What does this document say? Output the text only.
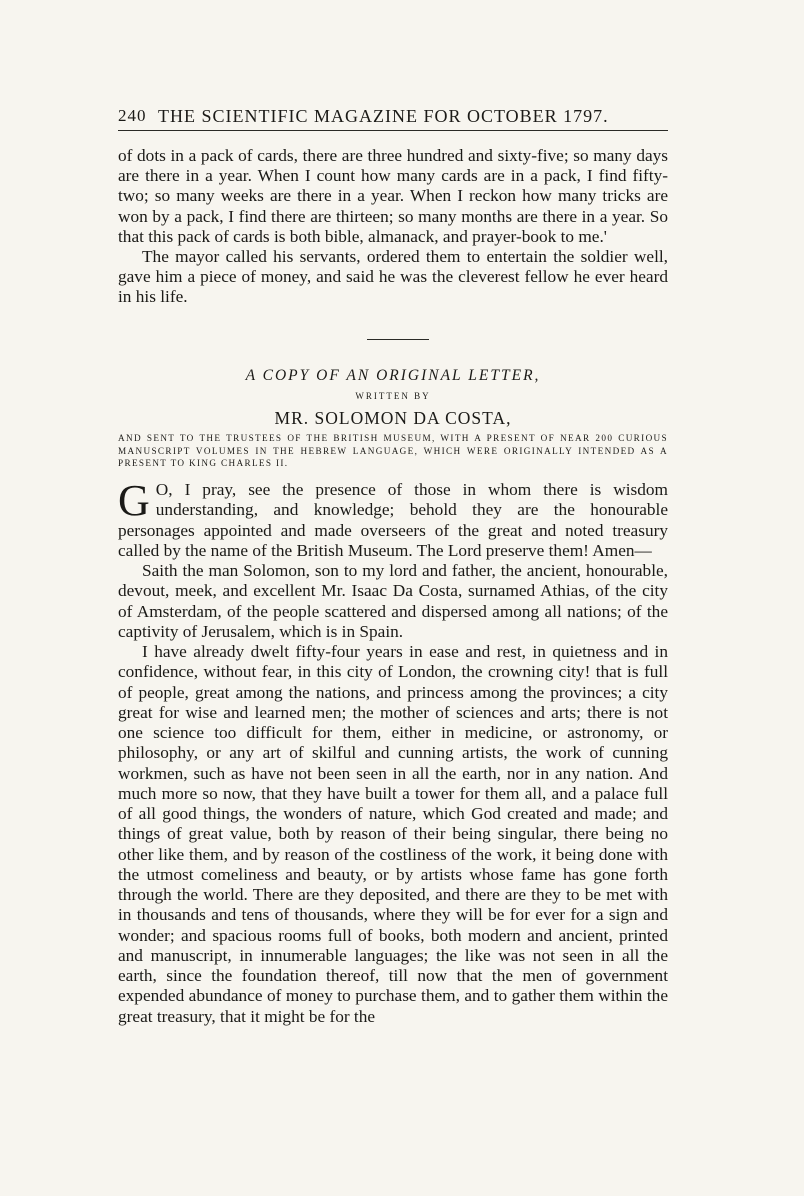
240 THE SCIENTIFIC MAGAZINE FOR OCTOBER 1797.

of dots in a pack of cards, there are three hundred and sixty-five; so many days are there in a year. When I count how many cards are in a pack, I find fifty-two; so many weeks are there in a year. When I reckon how many tricks are won by a pack, I find there are thirteen; so many months are there in a year. So that this pack of cards is both bible, almanack, and prayer-book to me.'

The mayor called his servants, ordered them to entertain the soldier well, gave him a piece of money, and said he was the cleverest fellow he ever heard in his life.

A COPY OF AN ORIGINAL LETTER,
WRITTEN BY
MR. SOLOMON DA COSTA,
AND SENT TO THE TRUSTEES OF THE BRITISH MUSEUM, WITH A PRESENT OF NEAR 200 CURIOUS MANUSCRIPT VOLUMES IN THE HEBREW LANGUAGE, WHICH WERE ORIGINALLY INTENDED AS A PRESENT TO KING CHARLES II.

G O, I pray, see the presence of those in whom there is wisdom understanding, and knowledge; behold they are the honourable personages appointed and made overseers of the great and noted treasury called by the name of the British Museum. The Lord preserve them! Amen—

Saith the man Solomon, son to my lord and father, the ancient, honourable, devout, meek, and excellent Mr. Isaac Da Costa, surnamed Athias, of the city of Amsterdam, of the people scattered and dispersed among all nations; of the captivity of Jerusalem, which is in Spain.

I have already dwelt fifty-four years in ease and rest, in quietness and in confidence, without fear, in this city of London, the crowning city! that is full of people, great among the nations, and princess among the provinces; a city great for wise and learned men; the mother of sciences and arts; there is not one science too difficult for them, either in medicine, or astronomy, or philosophy, or any art of skilful and cunning artists, the work of cunning workmen, such as have not been seen in all the earth, nor in any nation. And much more so now, that they have built a tower for them all, and a palace full of all good things, the wonders of nature, which God created and made; and things of great value, both by reason of their being singular, there being no other like them, and by reason of the costliness of the work, it being done with the utmost comeliness and beauty, or by artists whose fame has gone forth through the world. There are they deposited, and there are they to be met with in thousands and tens of thousands, where they will be for ever for a sign and wonder; and spacious rooms full of books, both modern and ancient, printed and manuscript, in innumerable languages; the like was not seen in all the earth, since the foundation thereof, till now that the men of government expended abundance of money to purchase them, and to gather them within the great treasury, that it might be for the
